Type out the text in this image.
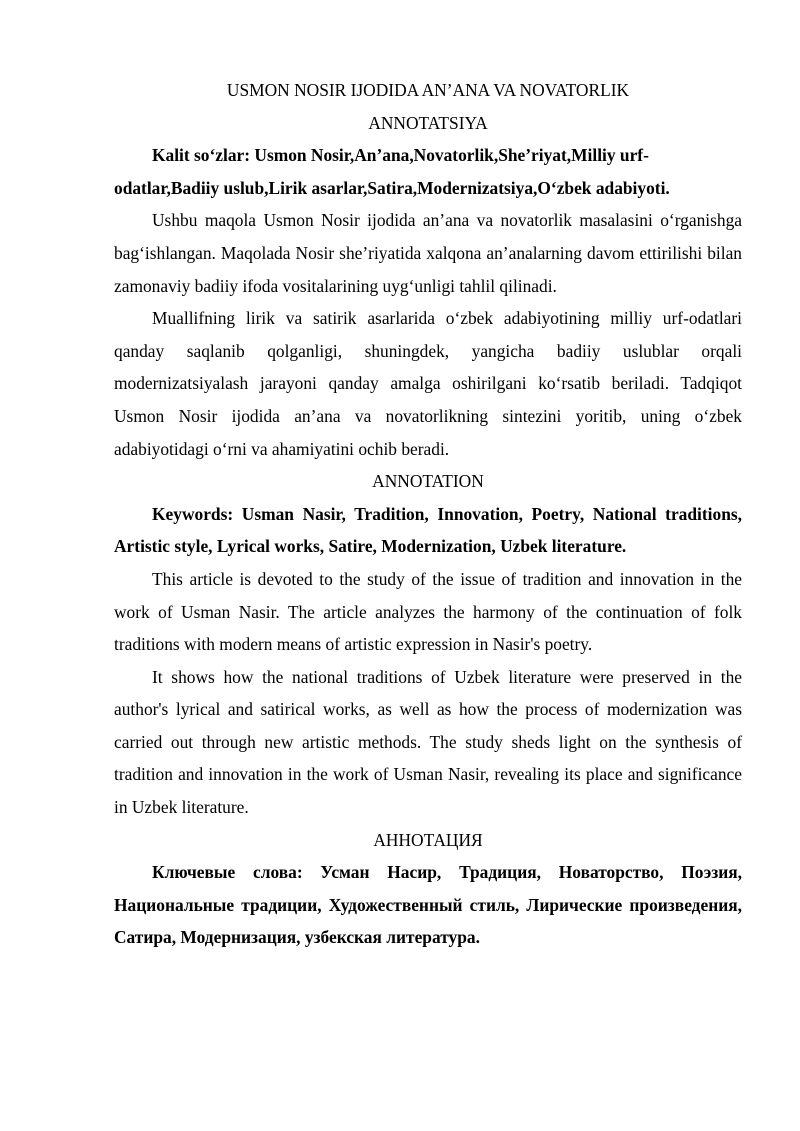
USMON NOSIR IJODIDA AN’ANA VA NOVATORLIK
ANNOTATSIYA

Kalit so‘zlar: Usmon Nosir,An’ana,Novatorlik,She’riyat,Milliy urf-odatlar,Badiiy uslub,Lirik asarlar,Satira,Modernizatsiya,O‘zbek adabiyoti.

Ushbu maqola Usmon Nosir ijodida an’ana va novatorlik masalasini o‘rganishga bag‘ishlangan. Maqolada Nosir she’riyatida xalqona an’analarning davom ettirilishi bilan zamonaviy badiiy ifoda vositalarining uyg‘unligi tahlil qilinadi.

Muallifning lirik va satirik asarlarida o‘zbek adabiyotining milliy urf-odatlari qanday saqlanib qolganligi, shuningdek, yangicha badiiy uslublar orqali modernizatsiyalash jarayoni qanday amalga oshirilgani ko‘rsatib beriladi. Tadqiqot Usmon Nosir ijodida an’ana va novatorlikning sintezini yoritib, uning o‘zbek adabiyotidagi o‘rni va ahamiyatini ochib beradi.

ANNOTATION

Keywords: Usman Nasir, Tradition, Innovation, Poetry, National traditions, Artistic style, Lyrical works, Satire, Modernization, Uzbek literature.

This article is devoted to the study of the issue of tradition and innovation in the work of Usman Nasir. The article analyzes the harmony of the continuation of folk traditions with modern means of artistic expression in Nasir's poetry.

It shows how the national traditions of Uzbek literature were preserved in the author's lyrical and satirical works, as well as how the process of modernization was carried out through new artistic methods. The study sheds light on the synthesis of tradition and innovation in the work of Usman Nasir, revealing its place and significance in Uzbek literature.

АННОТАЦИЯ

Ключевые слова: Усман Насир, Традиция, Новаторство, Поэзия, Национальные традиции, Художественный стиль, Лирические произведения, Сатира, Модернизация, узбекская литература.
